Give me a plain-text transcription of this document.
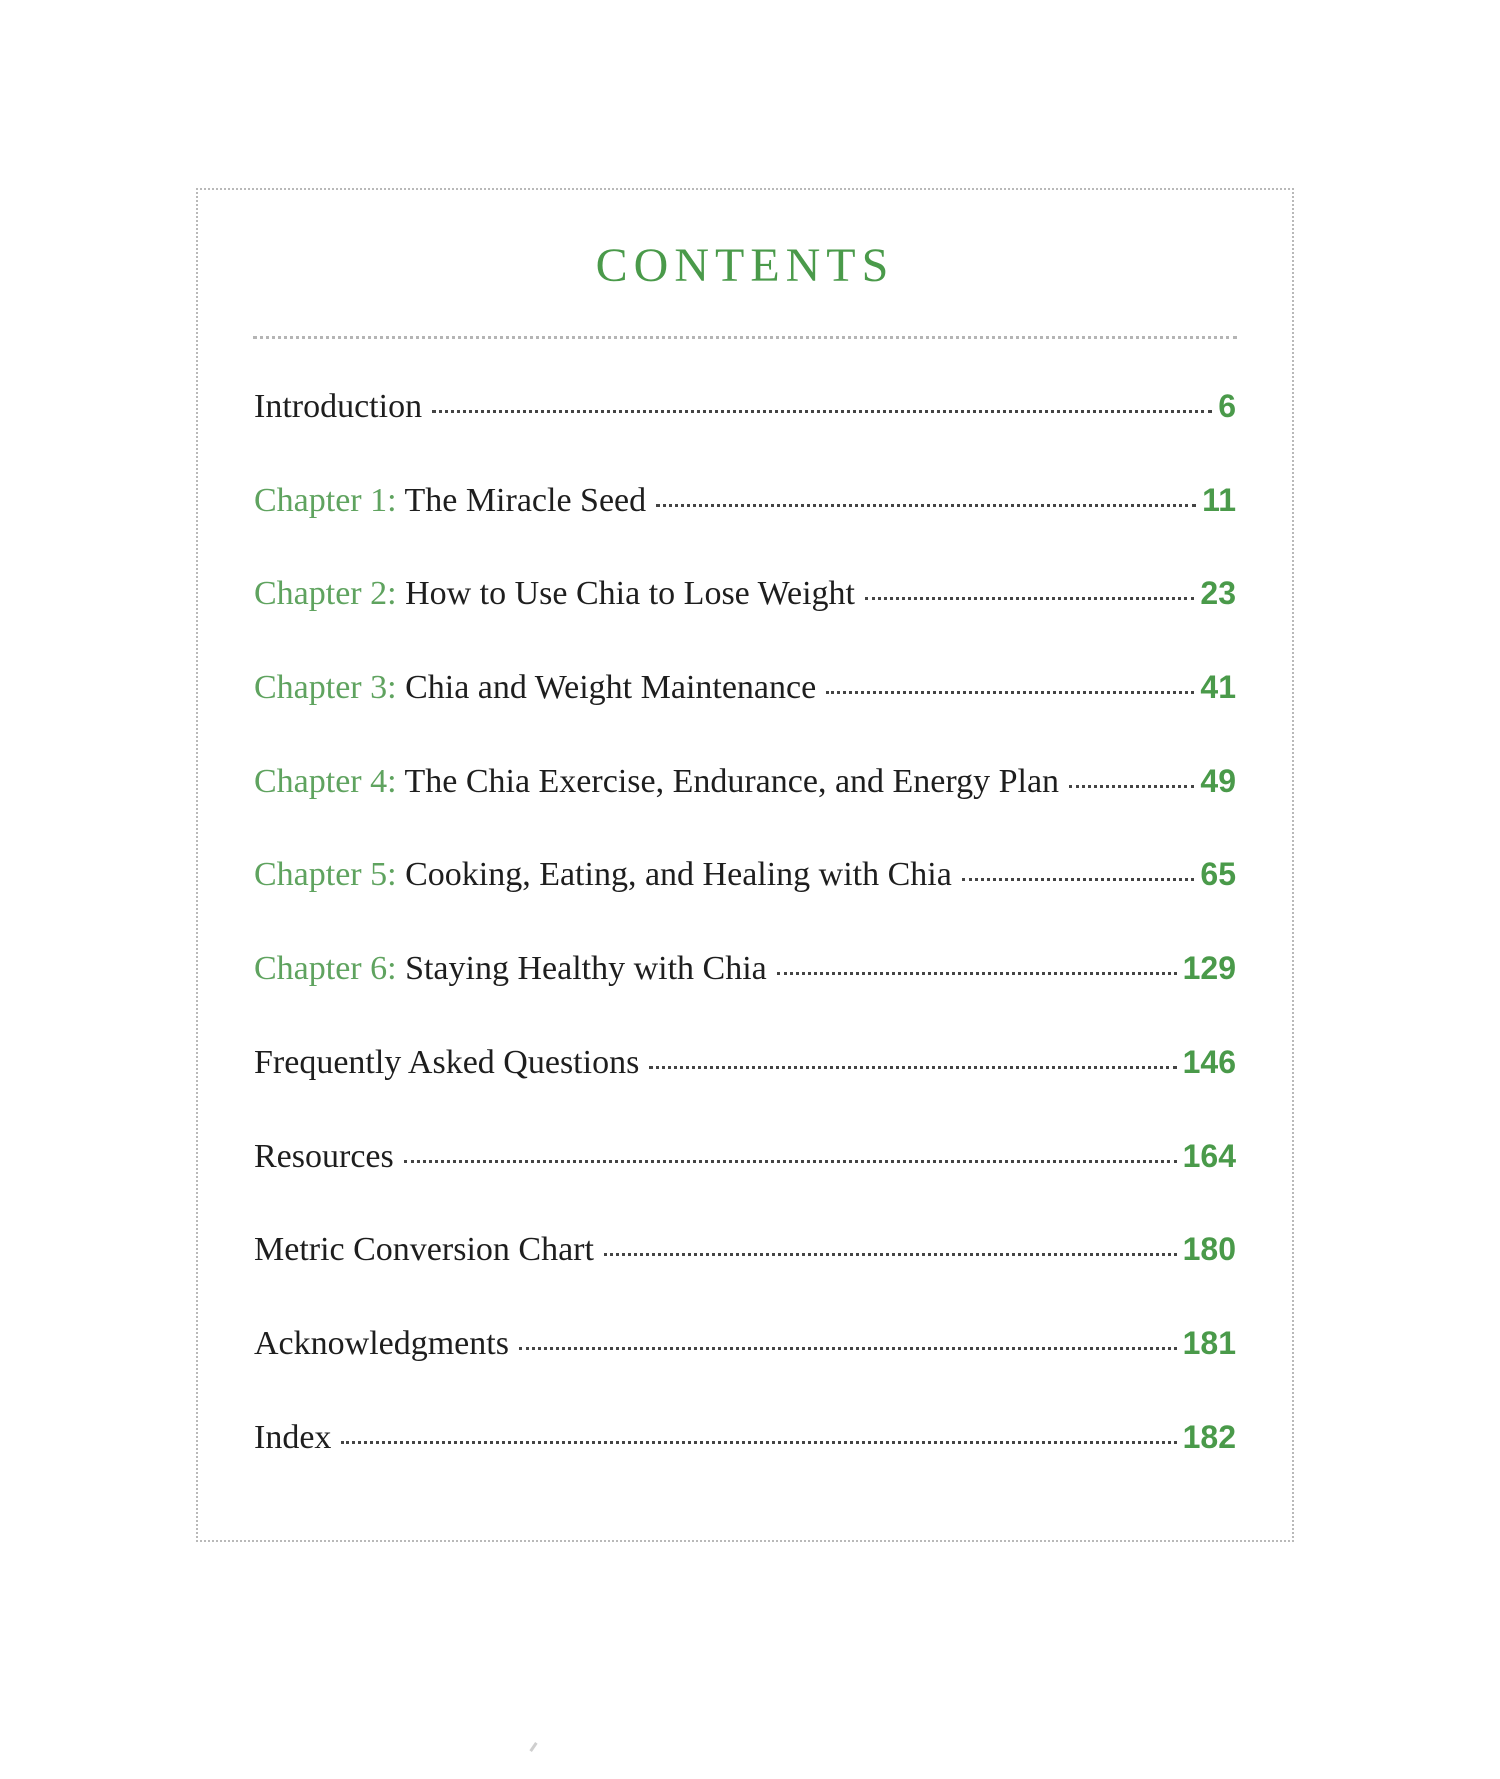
CONTENTS
Introduction	6
Chapter 1: The Miracle Seed	11
Chapter 2: How to Use Chia to Lose Weight	23
Chapter 3: Chia and Weight Maintenance	41
Chapter 4: The Chia Exercise, Endurance, and Energy Plan	49
Chapter 5: Cooking, Eating, and Healing with Chia	65
Chapter 6: Staying Healthy with Chia	129
Frequently Asked Questions	146
Resources	164
Metric Conversion Chart	180
Acknowledgments	181
Index	182
